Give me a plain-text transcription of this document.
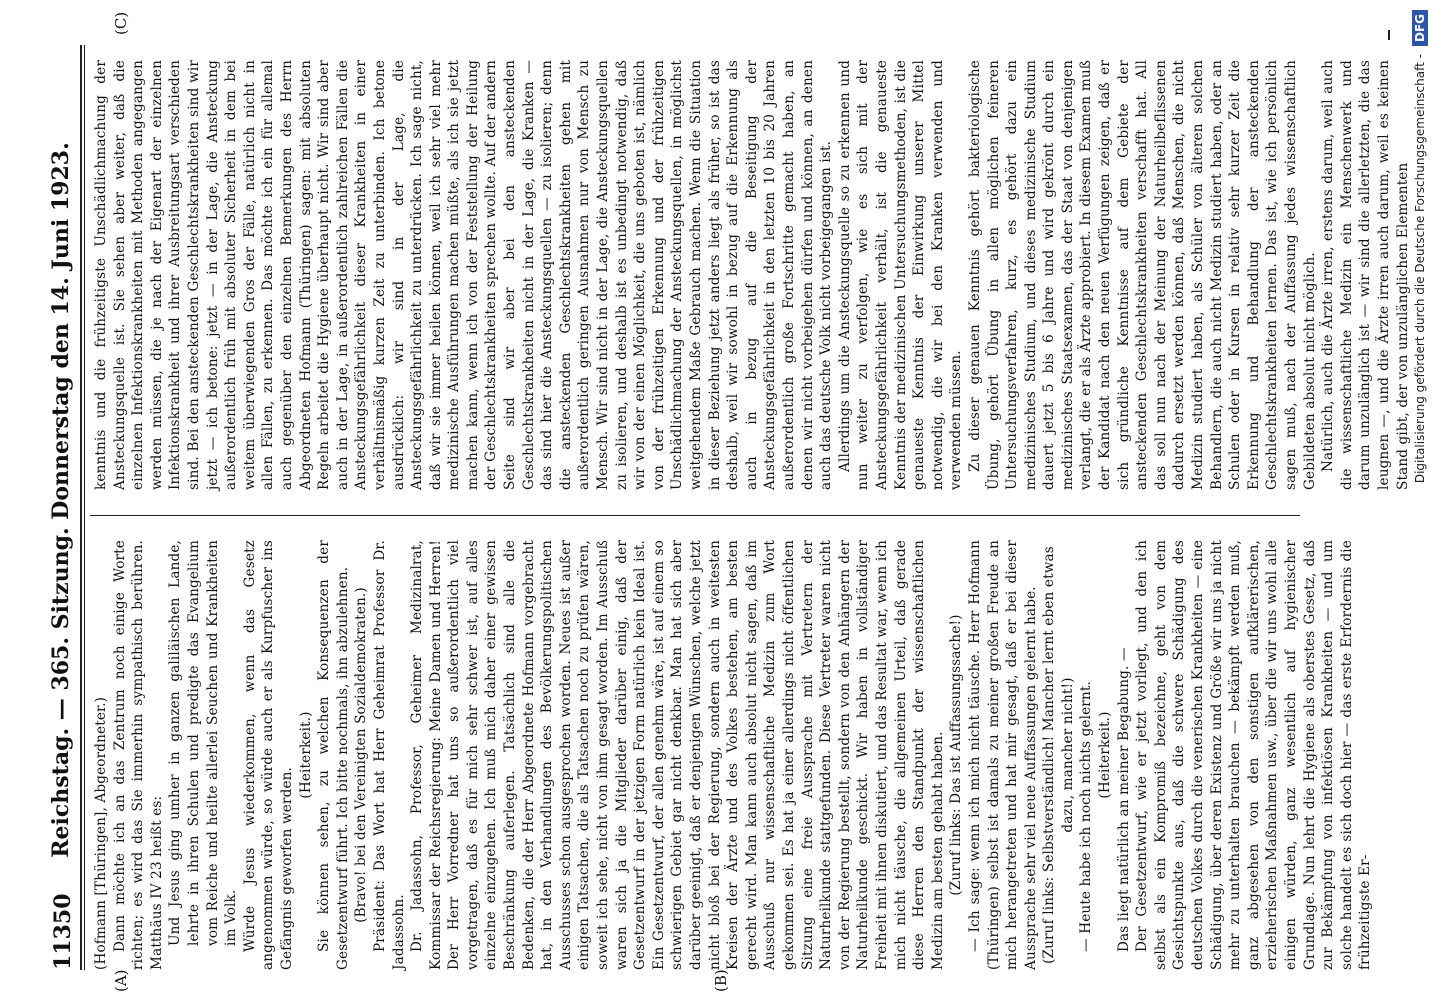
11350
Reichstag. — 365. Sitzung. Donnerstag den 14. Juni 1923.
(A)	(B)
(C)

(Hofmann [Thüringen], Abgeordneter.) Dann möchte ich an das Zentrum noch einige Worte richten; es wird das Sie immerhin sympathisch berühren. Matthäus IV 23 heißt es: Und Jesus ging umher in ganzen galiläischen Lande, lehrte in ihren Schulen und predigte das Evangelium vom Reiche und heilte allerlei Seuchen und Krankheiten im Volk. Würde Jesus wiederkommen, wenn das Gesetz angenommen würde, so würde auch er als Kurpfuscher ins Gefängnis geworfen werden.

(Heiterkeit.) Sie können sehen, zu welchen Konsequenzen der Gesetzentwurf führt. Ich bitte nochmals, ihn abzulehnen. (Bravo! bei den Vereinigten Sozialdemokraten.) Präsident: Das Wort hat Herr Geheimrat Professor Dr. Jadassohn. Dr. Jadassohn, Professor, Geheimer Medizinalrat, Kommissar der Reichsregierung: Meine Damen und Herren! Der Herr Vorredner hat uns so außerordentlich viel vorgetragen, daß es für mich sehr schwer ist, auf alles einzelne einzugehen. Ich muß mich daher einer gewissen Beschränkung auferlegen. Tatsächlich sind alle die Bedenken, die der Herr Abgeordnete Hofmann vorgebracht hat, in den Verhandlungen des Bevölkerungspolitischen Ausschusses schon ausgesprochen worden. Neues ist außer einigen Tatsachen, die als Tatsachen noch zu prüfen wären, soweit ich sehe, nicht von ihm gesagt worden. Im Ausschuß waren sich ja die Mitglieder darüber einig, daß der Gesetzentwurf in der jetzigen Form natürlich kein Ideal ist. Ein Gesetzentwurf, der allen genehm wäre, ist auf einem so schwierigen Gebiet gar nicht denkbar. Man hat sich aber darüber geeinigt, daß er denjenigen Wünschen, welche jetzt nicht bloß bei der Regierung, sondern auch in weitesten Kreisen der Ärzte und des Volkes bestehen, am besten gerecht wird. Man kann auch absolut nicht sagen, daß im Ausschuß nur wissenschaftliche Medizin zum Wort gekommen sei. Es hat ja einer allerdings nicht öffentlichen Sitzung eine freie Aussprache mit Vertretern der Naturheilkunde stattgefunden. Diese Vertreter waren nicht von der Regierung bestellt, sondern von den Anhängern der Naturheilkunde geschickt. Wir haben in vollständiger Freiheit mit ihnen diskutiert, und das Resultat war, wenn ich mich nicht täusche, die allgemeinen Urteil, daß gerade diese Herren den Standpunkt der wissenschaftlichen Medizin am besten gehabt haben. (Zuruf links: Das ist Auffassungssache!) — Ich sage: wenn ich mich nicht täusche. Herr Hofmann (Thüringen) selbst ist damals zu meiner großen Freude an mich herangetreten und hat mir gesagt, daß er bei dieser Aussprache sehr viel neue Auffassungen gelernt habe. (Zuruf links: Selbstverständlich! Mancher lernt eben etwas dazu, mancher nicht!) — Heute habe ich noch nichts gelernt. (Heiterkeit.) Das liegt natürlich an meiner Begabung. — Der Gesetzentwurf, wie er jetzt vorliegt, und den ich selbst als ein Kompromiß bezeichne, geht von dem Gesichtspunkte aus, daß die schwere Schädigung des deutschen Volkes durch die venerischen Krankheiten — eine Schädigung, über deren Existenz und Größe wir uns ja nicht mehr zu unterhalten brauchen — bekämpft werden muß, ganz abgesehen von den sonstigen aufklärerischen, erzieherischen Maßnahmen usw., über die wir uns wohl alle einigen würden, ganz wesentlich auf hygienischer Grundlage. Nun lehrt die Hygiene als oberstes Gesetz, daß zur Bekämpfung von infektiösen Krankheiten — und um solche handelt es sich doch hier — das erste Erfordernis die frühzeitigste Er-

kenntnis und die frühzeitigste Unschädlichmachung der Ansteckungsquelle ist. Sie sehen aber weiter, daß die einzelnen Infektionskrankheiten mit Methoden angegangen werden müssen, die je nach der Eigenart der einzelnen Infektionskrankheit und ihrer Ausbreitungsart verschieden sind. Bei den ansteckenden Geschlechtskrankheiten sind wir jetzt — ich betone: jetzt — in der Lage, die Ansteckung außerordentlich früh mit absoluter Sicherheit in dem bei weitem überwiegenden Gros der Fälle, natürlich nicht in allen Fällen, zu erkennen. Das möchte ich ein für allemal auch gegenüber den einzelnen Bemerkungen des Herrn Abgeordneten Hofmann (Thüringen) sagen: mit absoluten Regeln arbeitet die Hygiene überhaupt nicht. Wir sind aber auch in der Lage, in außerordentlich zahlreichen Fällen die Ansteckungsgefährlichkeit dieser Krankheiten in einer verhältnismäßig kurzen Zeit zu unterbinden. Ich betone ausdrücklich: wir sind in der Lage, die Ansteckungsgefährlichkeit zu unterdrücken. Ich sage nicht, daß wir sie immer heilen können, weil ich sehr viel mehr medizinische Ausführungen machen müßte, als ich sie jetzt machen kann, wenn ich von der Feststellung der Heilung der Geschlechtskrankheiten sprechen wollte. Auf der andern Seite sind wir aber bei den ansteckenden Geschlechtskrankheiten nicht in der Lage, die Kranken — das sind hier die Ansteckungsquellen — zu isolieren; denn die ansteckenden Geschlechtskrankheiten gehen mit außerordentlich geringen Ausnahmen nur von Mensch zu Mensch. Wir sind nicht in der Lage, die Ansteckungsquellen zu isolieren, und deshalb ist es unbedingt notwendig, daß wir von der einen Möglichkeit, die uns geboten ist, nämlich von der frühzeitigen Erkennung und der frühzeitigen Unschädlichmachung der Ansteckungsquellen, in möglichst weitgehendem Maße Gebrauch machen. Wenn die Situation in dieser Beziehung jetzt anders liegt als früher, so ist das deshalb, weil wir sowohl in bezug auf die Erkennung als auch in bezug auf die Beseitigung der Ansteckungsgefährlichkeit in den letzten 10 bis 20 Jahren außerordentlich große Fortschritte gemacht haben, an denen wir nicht vorbeigehen dürfen und können, an denen auch das deutsche Volk nicht vorbeigegangen ist. Allerdings um die Ansteckungsquelle so zu erkennen und nun weiter zu verfolgen, wie es sich mit der Ansteckungsgefährlichkeit verhält, ist die genaueste Kenntnis der medizinischen Untersuchungsmethoden, ist die genaueste Kenntnis der Einwirkung unserer Mittel notwendig, die wir bei den Kranken verwenden und verwenden müssen. Zu dieser genauen Kenntnis gehört bakteriologische Übung, gehört Übung in allen möglichen feineren Untersuchungsverfahren, kurz, es gehört dazu ein medizinisches Studium, und dieses medizinische Studium dauert jetzt 5 bis 6 Jahre und wird gekrönt durch ein medizinisches Staatsexamen, das der Staat von denjenigen verlangt, die er als Ärzte approbiert. In diesem Examen muß der Kandidat nach den neuen Verfügungen zeigen, daß er sich gründliche Kenntnisse auf dem Gebiete der ansteckenden Geschlechtskrankheiten verschafft hat. All das soll nun nach der Meinung der Naturheilbeflissenen dadurch ersetzt werden können, daß Menschen, die nicht Medizin studiert haben, als Schüler von älteren solchen Behandlern, die auch nicht Medizin studiert haben, oder an Schulen oder in Kursen in relativ sehr kurzer Zeit die Erkennung und Behandlung der ansteckenden Geschlechtskrankheiten lernen. Das ist, wie ich persönlich sagen muß, nach der Auffassung jedes wissenschaftlich Gebildeten absolut nicht möglich. Natürlich, auch die Ärzte irren, erstens darum, weil auch die wissenschaftliche Medizin ein Menschenwerk und darum unzulänglich ist — wir sind die allerletzten, die das leugnen —, und die Ärzte irren auch darum, weil es keinen Stand gibt, der von unzulänglichen Elementen Digitalisierung gefördert durch die Deutsche Forschungsgemeinschaft -DFG
